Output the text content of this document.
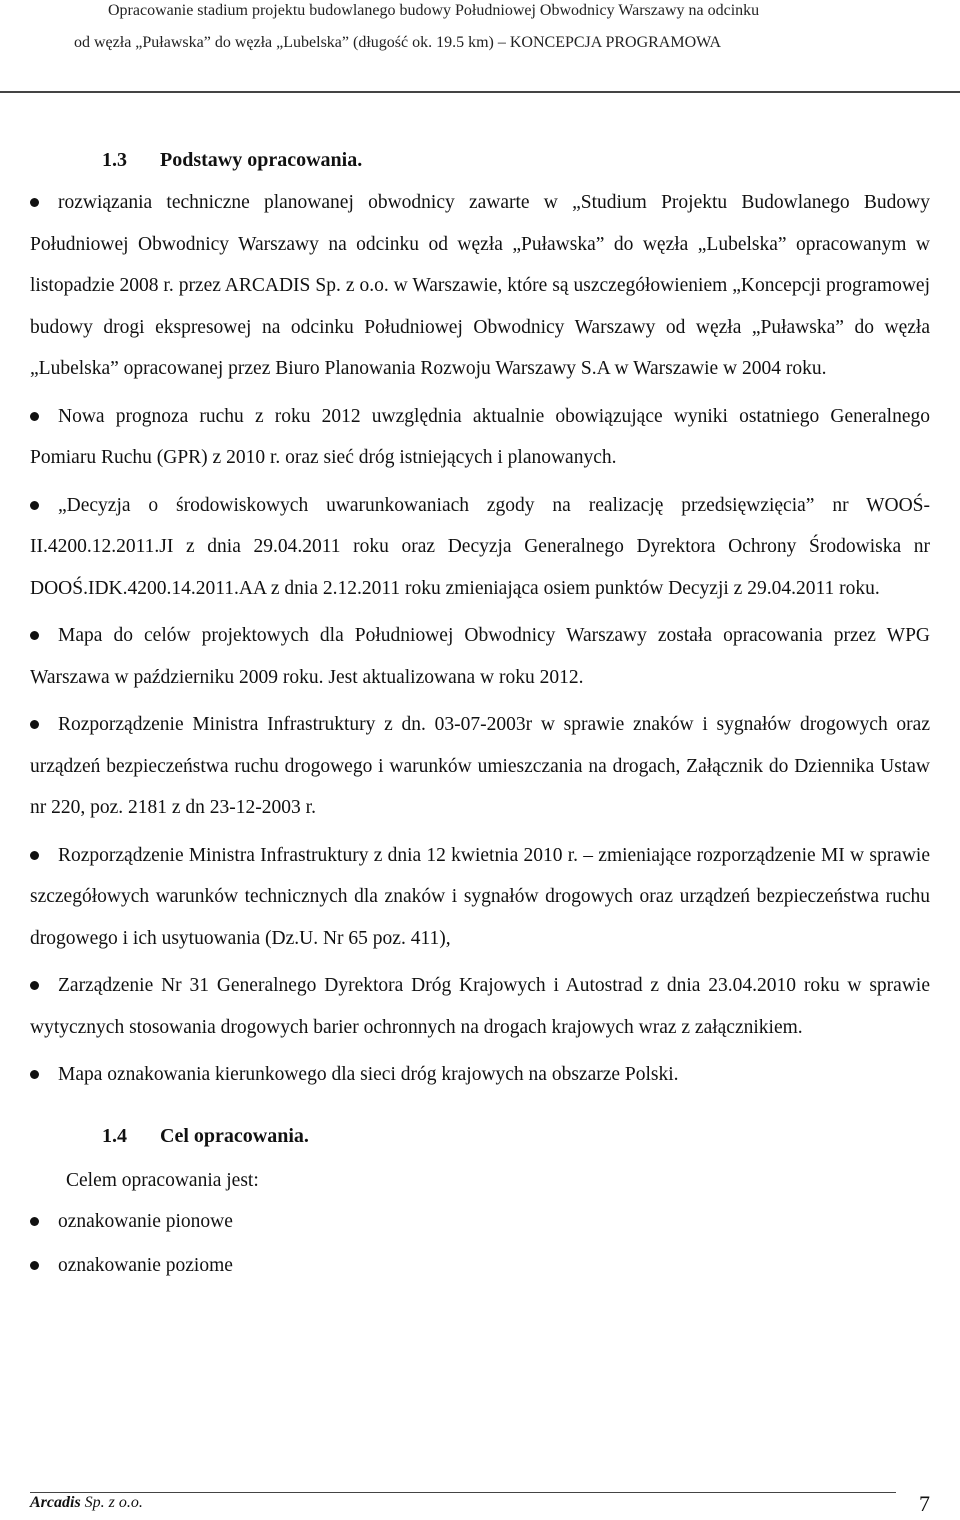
Opracowanie stadium projektu budowlanego budowy Południowej Obwodnicy Warszawy na odcinku
od węzła „Puławska” do węzła „Lubelska” (długość ok. 19.5 km) – KONCEPCJA PROGRAMOWA
1.3 Podstawy opracowania.
rozwiązania techniczne planowanej obwodnicy zawarte w „Studium Projektu Budowlanego Budowy Południowej Obwodnicy Warszawy na odcinku od węzła „Puławska” do węzła „Lubelska” opracowanym w listopadzie 2008 r. przez ARCADIS Sp. z o.o. w Warszawie, które są uszczegółowieniem „Koncepcji programowej budowy drogi ekspresowej na odcinku Południowej Obwodnicy Warszawy od węzła „Puławska” do węzła „Lubelska” opracowanej przez Biuro Planowania Rozwoju Warszawy S.A w Warszawie w 2004 roku.
Nowa prognoza ruchu z roku 2012 uwzględnia aktualnie obowiązujące wyniki ostatniego Generalnego Pomiaru Ruchu (GPR) z 2010 r. oraz sieć dróg istniejących i planowanych.
„Decyzja o środowiskowych uwarunkowaniach zgody na realizację przedsięwzięcia” nr WOOŚ-II.4200.12.2011.JI z dnia 29.04.2011 roku oraz Decyzja Generalnego Dyrektora Ochrony Środowiska nr DOOŚ.IDK.4200.14.2011.AA z dnia 2.12.2011 roku zmieniająca osiem punktów Decyzji z 29.04.2011 roku.
Mapa do celów projektowych dla Południowej Obwodnicy Warszawy została opracowania przez WPG Warszawa w październiku 2009 roku. Jest aktualizowana w roku 2012.
Rozporządzenie Ministra Infrastruktury z dn. 03-07-2003r w sprawie znaków i sygnałów drogowych oraz urządzeń bezpieczeństwa ruchu drogowego i warunków umieszczania na drogach, Załącznik do Dziennika Ustaw nr 220, poz. 2181 z dn 23-12-2003 r.
Rozporządzenie Ministra Infrastruktury z dnia 12 kwietnia 2010 r. – zmieniające rozporządzenie MI w sprawie szczegółowych warunków technicznych dla znaków i sygnałów drogowych oraz urządzeń bezpieczeństwa ruchu drogowego i ich usytuowania (Dz.U. Nr 65 poz. 411),
Zarządzenie Nr 31 Generalnego Dyrektora Dróg Krajowych i Autostrad z dnia 23.04.2010 roku w sprawie wytycznych stosowania drogowych barier ochronnych na drogach krajowych wraz z załącznikiem.
Mapa oznakowania kierunkowego dla sieci dróg krajowych na obszarze Polski.
1.4 Cel opracowania.
Celem opracowania jest:
oznakowanie pionowe
oznakowanie poziome
Arcadis Sp. z o.o.	7
